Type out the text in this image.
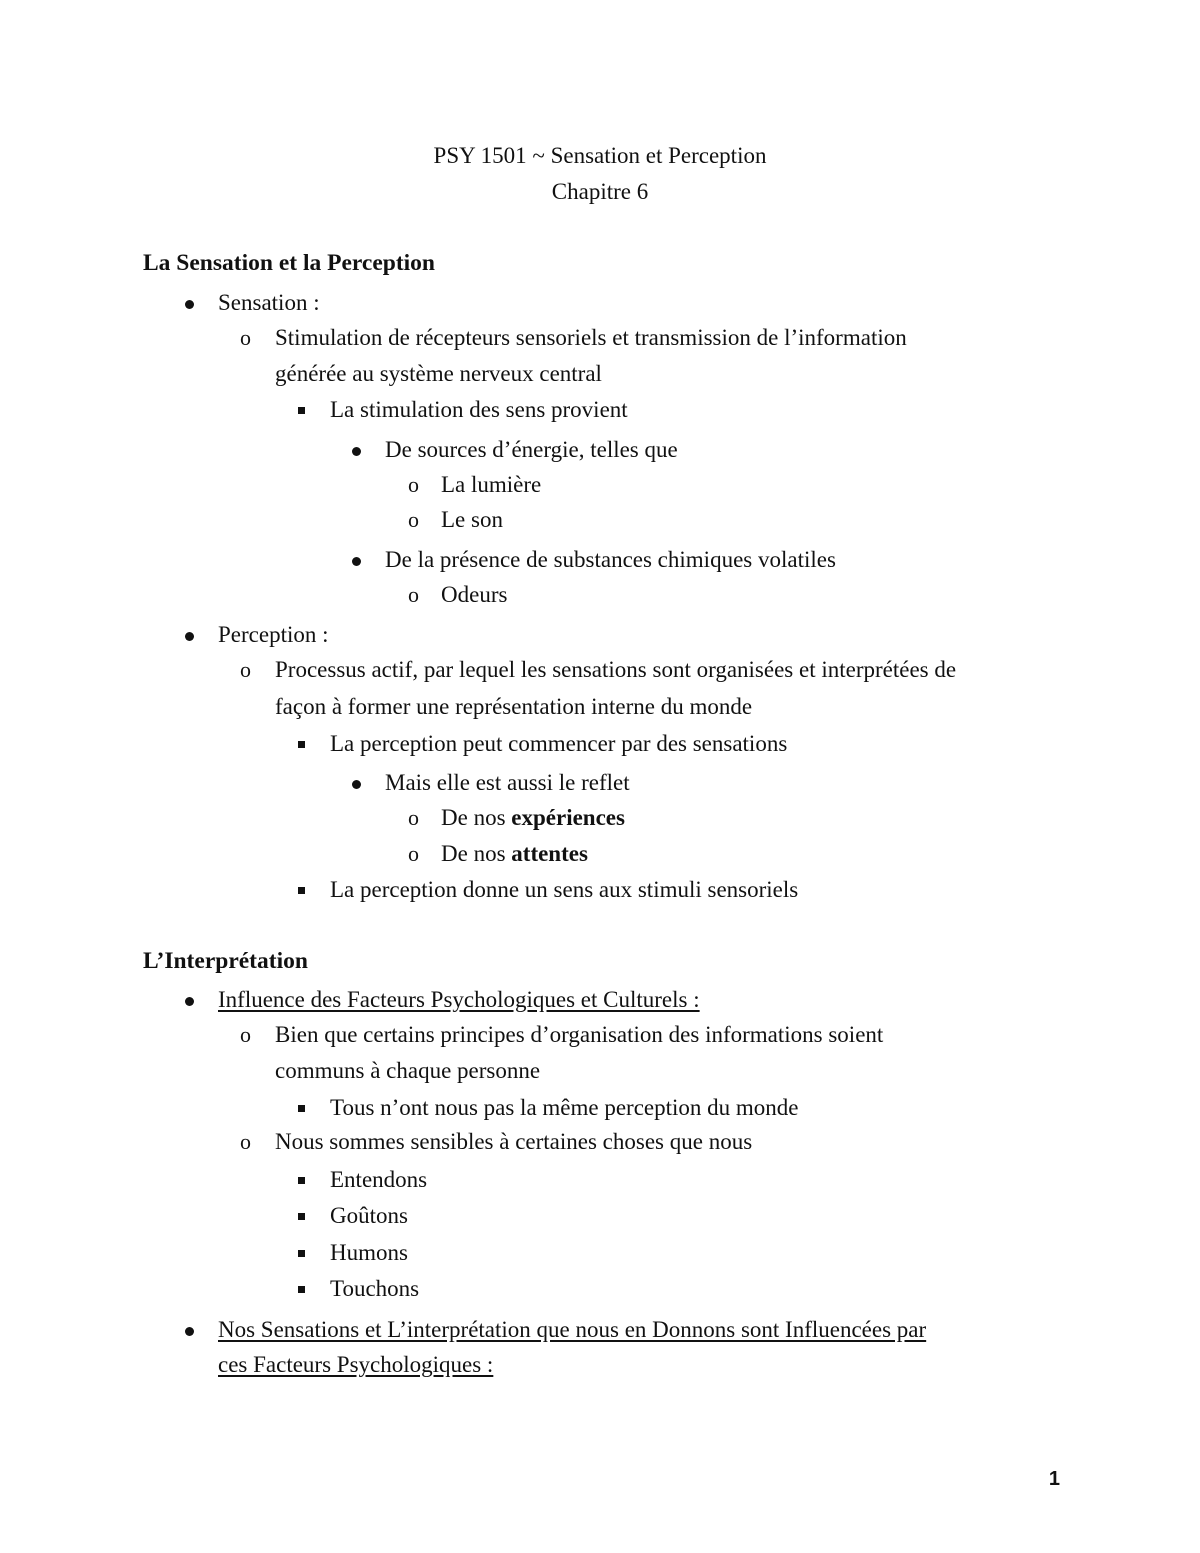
PSY 1501 ~ Sensation et Perception
Chapitre 6
La Sensation et la Perception
Sensation :
o Stimulation de récepteurs sensoriels et transmission de l’information
générée au système nerveux central
La stimulation des sens provient
De sources d’énergie, telles que
o La lumière
o Le son
De la présence de substances chimiques volatiles
o Odeurs
Perception :
o Processus actif, par lequel les sensations sont organisées et interprétées de
façon à former une représentation interne du monde
La perception peut commencer par des sensations
Mais elle est aussi le reflet
o De nos expériences
o De nos attentes
La perception donne un sens aux stimuli sensoriels
L’Interprétation
Influence des Facteurs Psychologiques et Culturels :
o Bien que certains principes d’organisation des informations soient
communs à chaque personne
Tous n’ont nous pas la même perception du monde
o Nous sommes sensibles à certaines choses que nous
Entendons
Goûtons
Humons
Touchons
Nos Sensations et L’interprétation que nous en Donnons sont Influencées par
ces Facteurs Psychologiques :
1
